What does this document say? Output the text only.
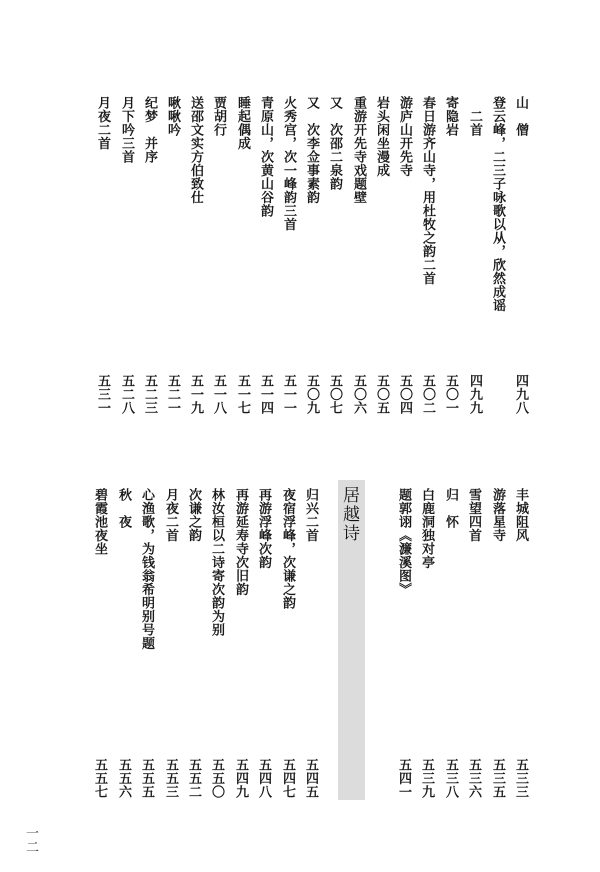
山　僧
四九八
登云峰，二三子咏歌以从，欣然成谣
　二首
四九九
寄隐岩
五〇一
春日游齐山寺，用杜牧之韵二首
五〇二
游庐山开先寺
五〇四
岩头闲坐漫成
五〇五
重游开先寺戏题壁
五〇六
又　次邵二泉韵
五〇七
又　次李佥事素韵
五〇九
火秀宫，次一峰韵三首
五一一
青原山，次黄山谷韵
五一四
睡起偶成
五一七
贾胡行
五一八
送邵文实方伯致仕
五一九
啾啾吟
五二一
纪梦　并序
五二三
月下吟三首
五二八
月夜二首
五三一
丰城阻风
五三三
游落星寺
五三五
雪望四首
五三六
归　怀
五三八
白鹿洞独对亭
五三九
题郭诩《濂溪图》
五四一
归兴二首
五四五
夜宿浮峰，次谦之韵
五四七
再游浮峰次韵
五四八
再游延寿寺次旧韵
五四九
林汝桓以二诗寄次韵为别
五五〇
次谦之韵
五五二
月夜二首
五五三
心渔歌，为钱翁希明别号题
五五五
秋　夜
五五六
碧霞池夜坐
五五七
居越诗
一二
